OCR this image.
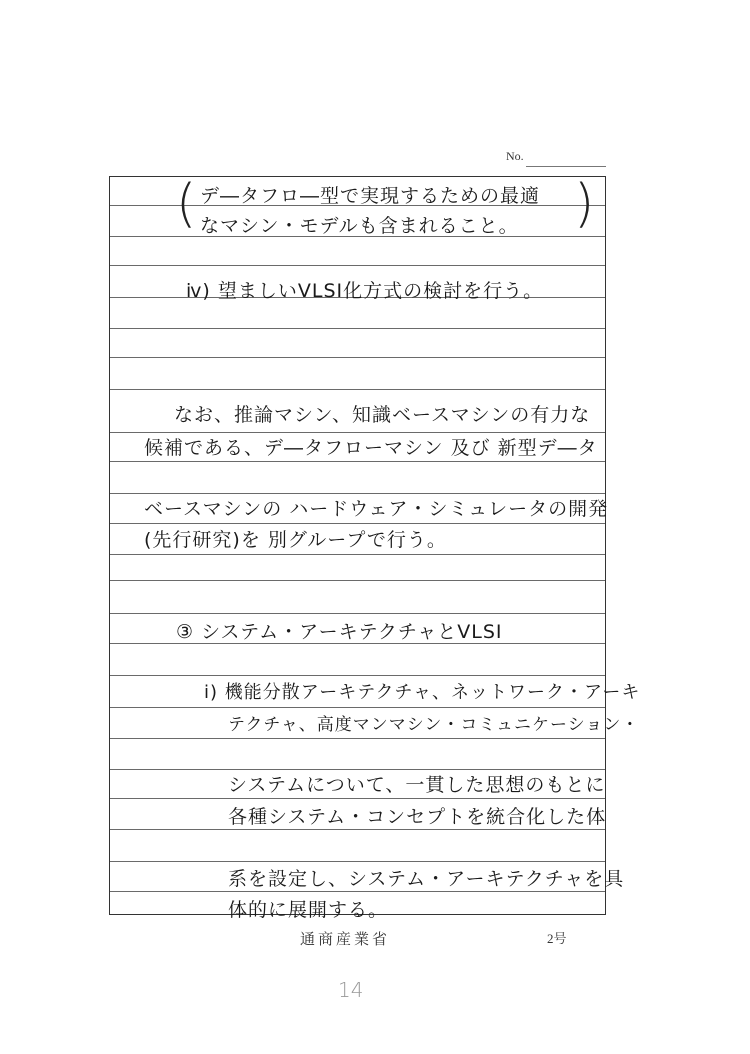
No.
(	)
デ―タフロ―型で実現するための最適
なマシン・モデルも含まれること。
ⅳ) 望ましいVLSI化方式の検討を行う。
なお、推論マシン、知識ベースマシンの有力な
候補である、デ―タフローマシン 及び 新型デ―タ
ベースマシンの ハードウェア・シミュレータの開発
(先行研究)を 別グループで行う。
③ システム・アーキテクチャとVLSI
ⅰ) 機能分散アーキテクチャ、ネットワーク・アーキ
テクチャ、高度マンマシン・コミュニケーション・
システムについて、一貫した思想のもとに
各種システム・コンセプトを統合化した体
系を設定し、システム・アーキテクチャを具
体的に展開する。
通商産業省	2号
14
